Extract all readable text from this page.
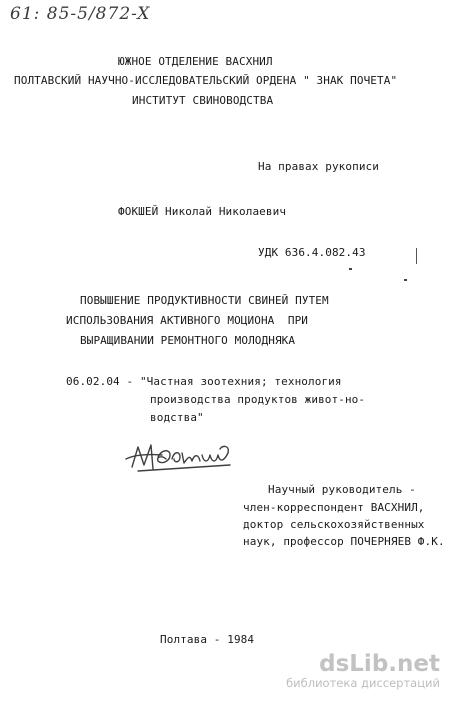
61: 85-5/872-X
ЮЖНОЕ ОТДЕЛЕНИЕ ВАСХНИЛ
ПОЛТАВСКИЙ НАУЧНО-ИССЛЕДОВАТЕЛЬСКИЙ ОРДЕНА " ЗНАК ПОЧЕТА"
ИНСТИТУТ СВИНОВОДСТВА
На правах рукописи
ФОКШЕЙ Николай Николаевич
УДК 636.4.082.43
ПОВЫШЕНИЕ ПРОДУКТИВНОСТИ СВИНЕЙ ПУТЕМ
ИСПОЛЬЗОВАНИЯ АКТИВНОГО МОЦИОНА  ПРИ
ВЫРАЩИВАНИИ РЕМОНТНОГО МОЛОДНЯКА
06.02.04 - "Частная зоотехния; технология
производства продуктов живот-но-
водства"
Научный руководитель -
член-корреспондент ВАСХНИЛ,
доктор сельскохозяйственных
наук, профессор ПОЧЕРНЯЕВ Ф.К.
Полтава - 1984
dsLib.net
библиотека диссертаций
